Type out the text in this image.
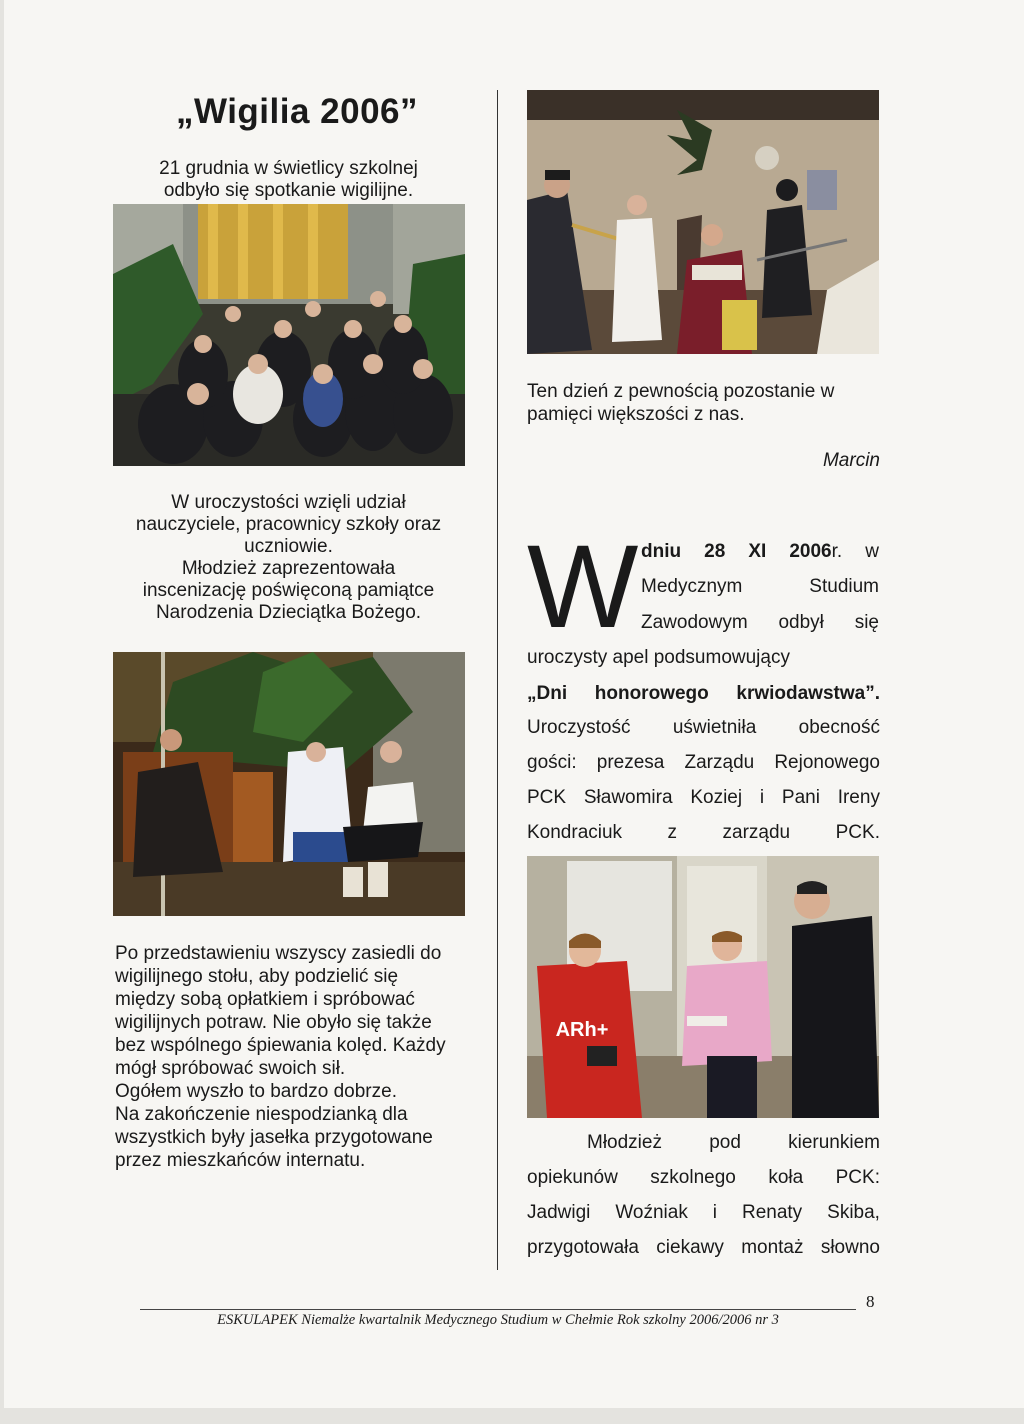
„Wigilia 2006”

21 grudnia w świetlicy szkolnej

odbyło się spotkanie wigilijne.

W uroczystości wzięli udział

nauczyciele, pracownicy szkoły oraz

uczniowie.

Młodzież zaprezentowała

inscenizację poświęconą pamiątce

Narodzenia Dzieciątka Bożego.

Po przedstawieniu wszyscy zasiedli do

wigilijnego stołu, aby podzielić się

między sobą opłatkiem i spróbować

wigilijnych potraw. Nie obyło się także

bez wspólnego śpiewania kolęd. Każdy

mógł spróbować swoich sił.

Ogółem wyszło to bardzo dobrze.

Na zakończenie niespodzianką dla

wszystkich były jasełka przygotowane

przez mieszkańców internatu.

Ten dzień z pewnością pozostanie w
pamięci większości z nas.
Marcin
W dniu 28 XI 2006r. w
Medycznym	Studium
Zawodowym odbył się
uroczysty apel podsumowujący
„Dni honorowego krwiodawstwa”.
Uroczystość uświetniła obecność
gości: prezesa Zarządu Rejonowego
PCK Sławomira Koziej i Pani Ireny
Kondraciuk z zarządu PCK.
ARh+
Młodzież pod kierunkiem
opiekunów szkolnego koła PCK:
Jadwigi Woźniak i Renaty Skiba,
przygotowała ciekawy montaż słowno
ESKULAPEK Niemalże kwartalnik Medycznego Studium w Chełmie Rok szkolny 2006/2006 nr 3
8
